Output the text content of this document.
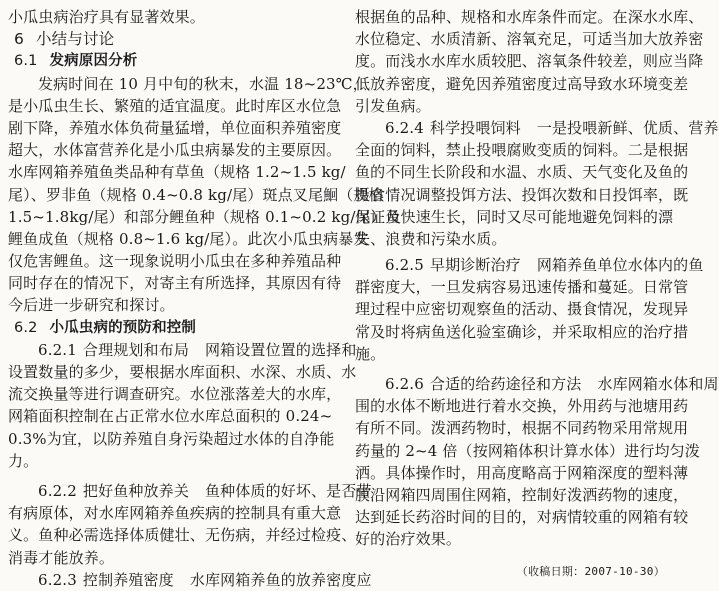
小瓜虫病治疗具有显著效果。
6 小结与讨论
6.1 发病原因分析
发病时间在 10 月中旬的秋末，水温 18~23℃，
是小瓜虫生长、繁殖的适宜温度。此时库区水位急
剧下降，养殖水体负荷量猛增，单位面积养殖密度
超大，水体富营养化是小瓜虫病暴发的主要原因。
水库网箱养殖鱼类品种有草鱼（规格 1.2~1.5 kg/
尾）、罗非鱼（规格 0.4~0.8 kg/尾）斑点叉尾鮰（规格
1.5~1.8kg/尾）和部分鲤鱼种（规格 0.1~0.2 kg/尾）及
鲤鱼成鱼（规格 0.8~1.6 kg/尾）。此次小瓜虫病暴发
仅危害鲤鱼。这一现象说明小瓜虫在多种养殖品种
同时存在的情况下，对寄主有所选择，其原因有待
今后进一步研究和探讨。
6.2 小瓜虫病的预防和控制
6.2.1 合理规划和布局 网箱设置位置的选择和
设置数量的多少，要根据水库面积、水深、水质、水
流交换量等进行调查研究。水位涨落差大的水库，
网箱面积控制在占正常水位水库总面积的 0.24~
0.3%为宜，以防养殖自身污染超过水体的自净能
力。
6.2.2 把好鱼种放养关 鱼种体质的好坏、是否带
有病原体，对水库网箱养鱼疾病的控制具有重大意
义。鱼种必需选择体质健壮、无伤病，并经过检疫、
消毒才能放养。
6.2.3 控制养殖密度 水库网箱养鱼的放养密度应
根据鱼的品种、规格和水库条件而定。在深水水库、
水位稳定、水质清新、溶氧充足，可适当加大放养密
度。而浅水水库水质较肥、溶氧条件较差，则应当降
低放养密度，避免因养殖密度过高导致水环境变差
引发鱼病。
6.2.4 科学投喂饲料 一是投喂新鲜、优质、营养
全面的饲料，禁止投喂腐败变质的饲料。二是根据
鱼的不同生长阶段和水温、水质、天气变化及鱼的
摄食情况调整投饵方法、投饵次数和日投饵率，既
保证鱼快速生长，同时又尽可能地避免饲料的漂
失、浪费和污染水质。
6.2.5 早期诊断治疗 网箱养鱼单位水体内的鱼
群密度大，一旦发病容易迅速传播和蔓延。日常管
理过程中应密切观察鱼的活动、摄食情况，发现异
常及时将病鱼送化验室确诊，并采取相应的治疗措
施。
6.2.6 合适的给药途径和方法 水库网箱水体和周
围的水体不断地进行着水交换，外用药与池塘用药
有所不同。泼洒药物时，根据不同药物采用常规用
药量的 2~4 倍（按网箱体积计算水体）进行均匀泼
洒。具体操作时，用高度略高于网箱深度的塑料薄
膜沿网箱四周围住网箱，控制好泼洒药物的速度，
达到延长药浴时间的目的，对病情较重的网箱有较
好的治疗效果。
（收稿日期：2007-10-30）
